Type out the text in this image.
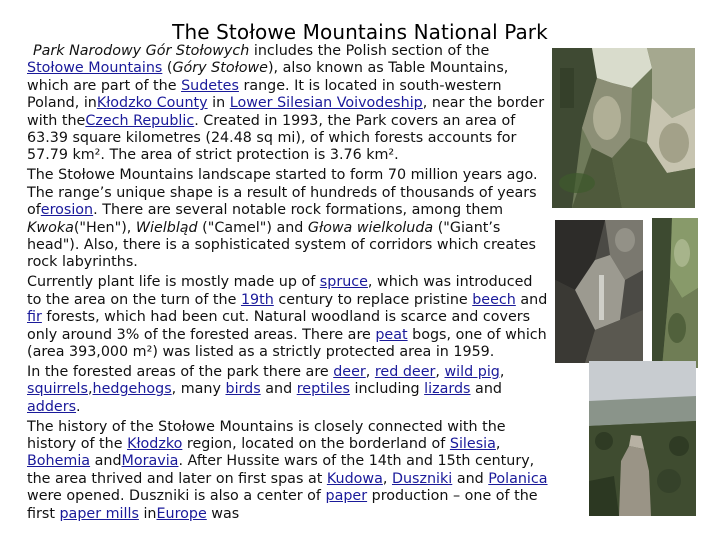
The Stołowe Mountains National Park

Park Narodowy Gór Stołowych includes the Polish section of the Stołowe Mountains (Góry Stołowe), also known as Table Mountains, which are part of the Sudetes range. It is located in south-western Poland, inKłodzko County in Lower Silesian Voivodeship, near the border with theCzech Republic. Created in 1993, the Park covers an area of 63.39 square kilometres (24.48 sq mi), of which forests accounts for 57.79 km². The area of strict protection is 3.76 km².

The Stołowe Mountains landscape started to form 70 million years ago. The range’s unique shape is a result of hundreds of thousands of years oferosion. There are several notable rock formations, among them Kwoka("Hen"), Wielbląd ("Camel") and Głowa wielkoluda ("Giant’s head"). Also, there is a sophisticated system of corridors which creates rock labyrinths.

Currently plant life is mostly made up of spruce, which was introduced to the area on the turn of the 19th century to replace pristine beech and fir forests, which had been cut. Natural woodland is scarce and covers only around 3% of the forested areas. There are peat bogs, one of which (area 393,000 m²) was listed as a strictly protected area in 1959.

In the forested areas of the park there are deer, red deer, wild pig, squirrels,hedgehogs, many birds and reptiles including lizards and adders.

The history of the Stołowe Mountains is closely connected with the history of the Kłodzko region, located on the borderland of Silesia, Bohemia andMoravia. After Hussite wars of the 14th and 15th century, the area thrived and later on first spas at Kudowa, Duszniki and Polanica were opened. Duszniki is also a center of paper production – one of the first paper mills inEurope was
